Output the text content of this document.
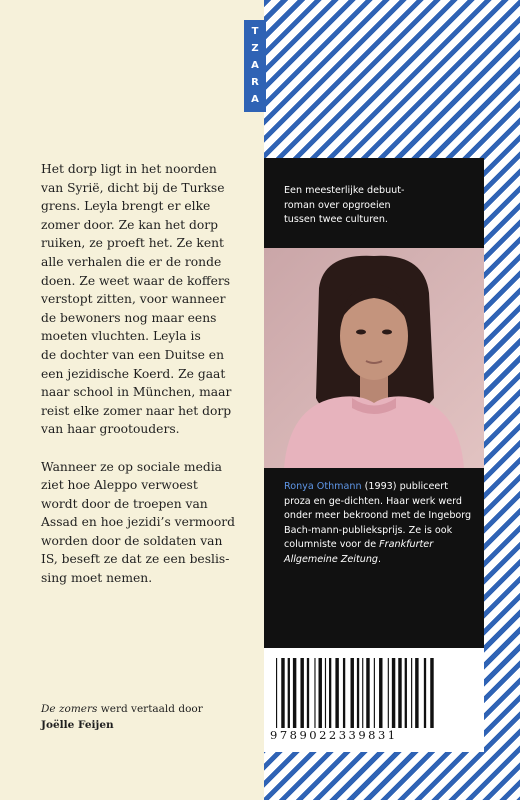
T
Z
A
R
A

Het dorp ligt in het noorden
van Syrië, dicht bij de Turkse
grens. Leyla brengt er elke
zomer door. Ze kan het dorp
ruiken, ze proeft het. Ze kent
alle verhalen die er de ronde
doen. Ze weet waar de koffers
verstopt zitten, voor wanneer
de bewoners nog maar eens
moeten vluchten. Leyla is
de dochter van een Duitse en
een jezidische Koerd. Ze gaat
naar school in München, maar
reist elke zomer naar het dorp
van haar grootouders.

Wanneer ze op sociale media
ziet hoe Aleppo verwoest
wordt door de troepen van
Assad en hoe jezidi’s vermoord
worden door de soldaten van
IS, beseft ze dat ze een beslis-
sing moet nemen.

De zomers werd vertaald door
Joëlle Feijen
Een meesterlijke debuut-
roman over opgroeien
tussen twee culturen.
Ronya Othmann (1993) publiceert proza en ge-dichten. Haar werk werd onder meer bekroond met de Ingeborg Bach-mann-publieksprijs. Ze is ook columniste voor de Frankfurter Allgemeine Zeitung.
9789022339831
